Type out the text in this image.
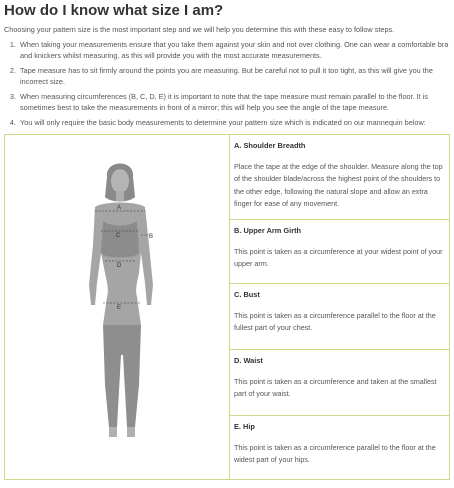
How do I know what size I am?

Choosing your pattern size is the most important step and we will help you determine this with these easy to follow steps.

1. When taking your measurements ensure that you take them against your skin and not over clothing. One can wear a comfortable bra and knickers whilst measuring, as this will provide you with the most accurate measurements.
2. Tape measure has to sit firmly around the points you are measuring. But be careful not to pull it too tight, as this will give you the incorrect size.
3. When measuring circumferences (B, C, D, E) it is important to note that the tape measure must remain parallel to the floor. It is sometimes best to take the measurements in front of a mirror; this will help you see the angle of the tape measure.
4. You will only require the basic body measurements to determine your pattern size which is indicated on our mannequin below:
A
B
C
D
E

A. Shoulder Breadth
Place the tape at the edge of the shoulder. Measure along the top of the shoulder blade/across the highest point of the shoulders to the other edge, following the natural slope and allow an extra finger for ease of any movement.

B. Upper Arm Girth
This point is taken as a circumference at your widest point of your upper arm.

C. Bust
This point is taken as a circumference parallel to the floor at the fullest part of your chest.

D. Waist
This point is taken as a circumference and taken at the smallest part of your waist.

E. Hip
This point is taken as a circumference parallel to the floor at the widest part of your hips.
